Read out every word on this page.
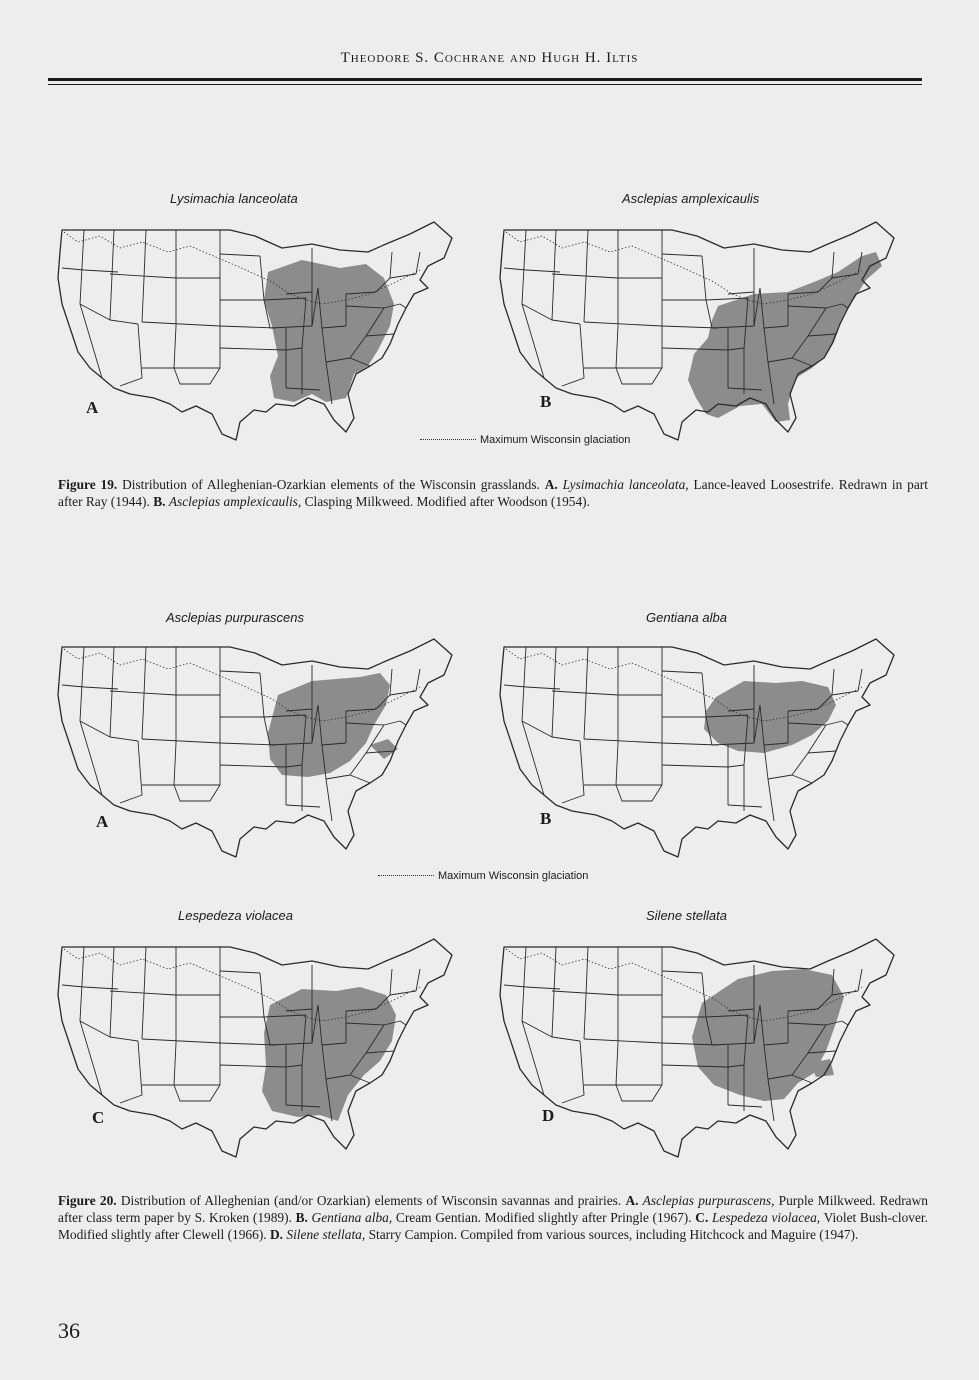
Theodore S. Cochrane and Hugh H. Iltis
Lysimachia lanceolata
A
Asclepias amplexicaulis
B
Maximum Wisconsin glaciation
Figure 19. Distribution of Alleghenian-Ozarkian elements of the Wisconsin grasslands. A. Lysimachia lanceolata, Lance-leaved Loosestrife. Redrawn in part after Ray (1944). B. Asclepias amplexicaulis, Clasping Milkweed. Modified after Woodson (1954).
Asclepias purpurascens
A
Gentiana alba
B
Maximum Wisconsin glaciation
Lespedeza violacea
C
Silene stellata
D
Figure 20. Distribution of Alleghenian (and/or Ozarkian) elements of Wisconsin savannas and prairies. A. Asclepias purpurascens, Purple Milkweed. Redrawn after class term paper by S. Kroken (1989). B. Gentiana alba, Cream Gentian. Modified slightly after Pringle (1967). C. Lespedeza violacea, Violet Bush-clover. Modified slightly after Clewell (1966). D. Silene stellata, Starry Campion. Compiled from various sources, including Hitchcock and Maguire (1947).
36
